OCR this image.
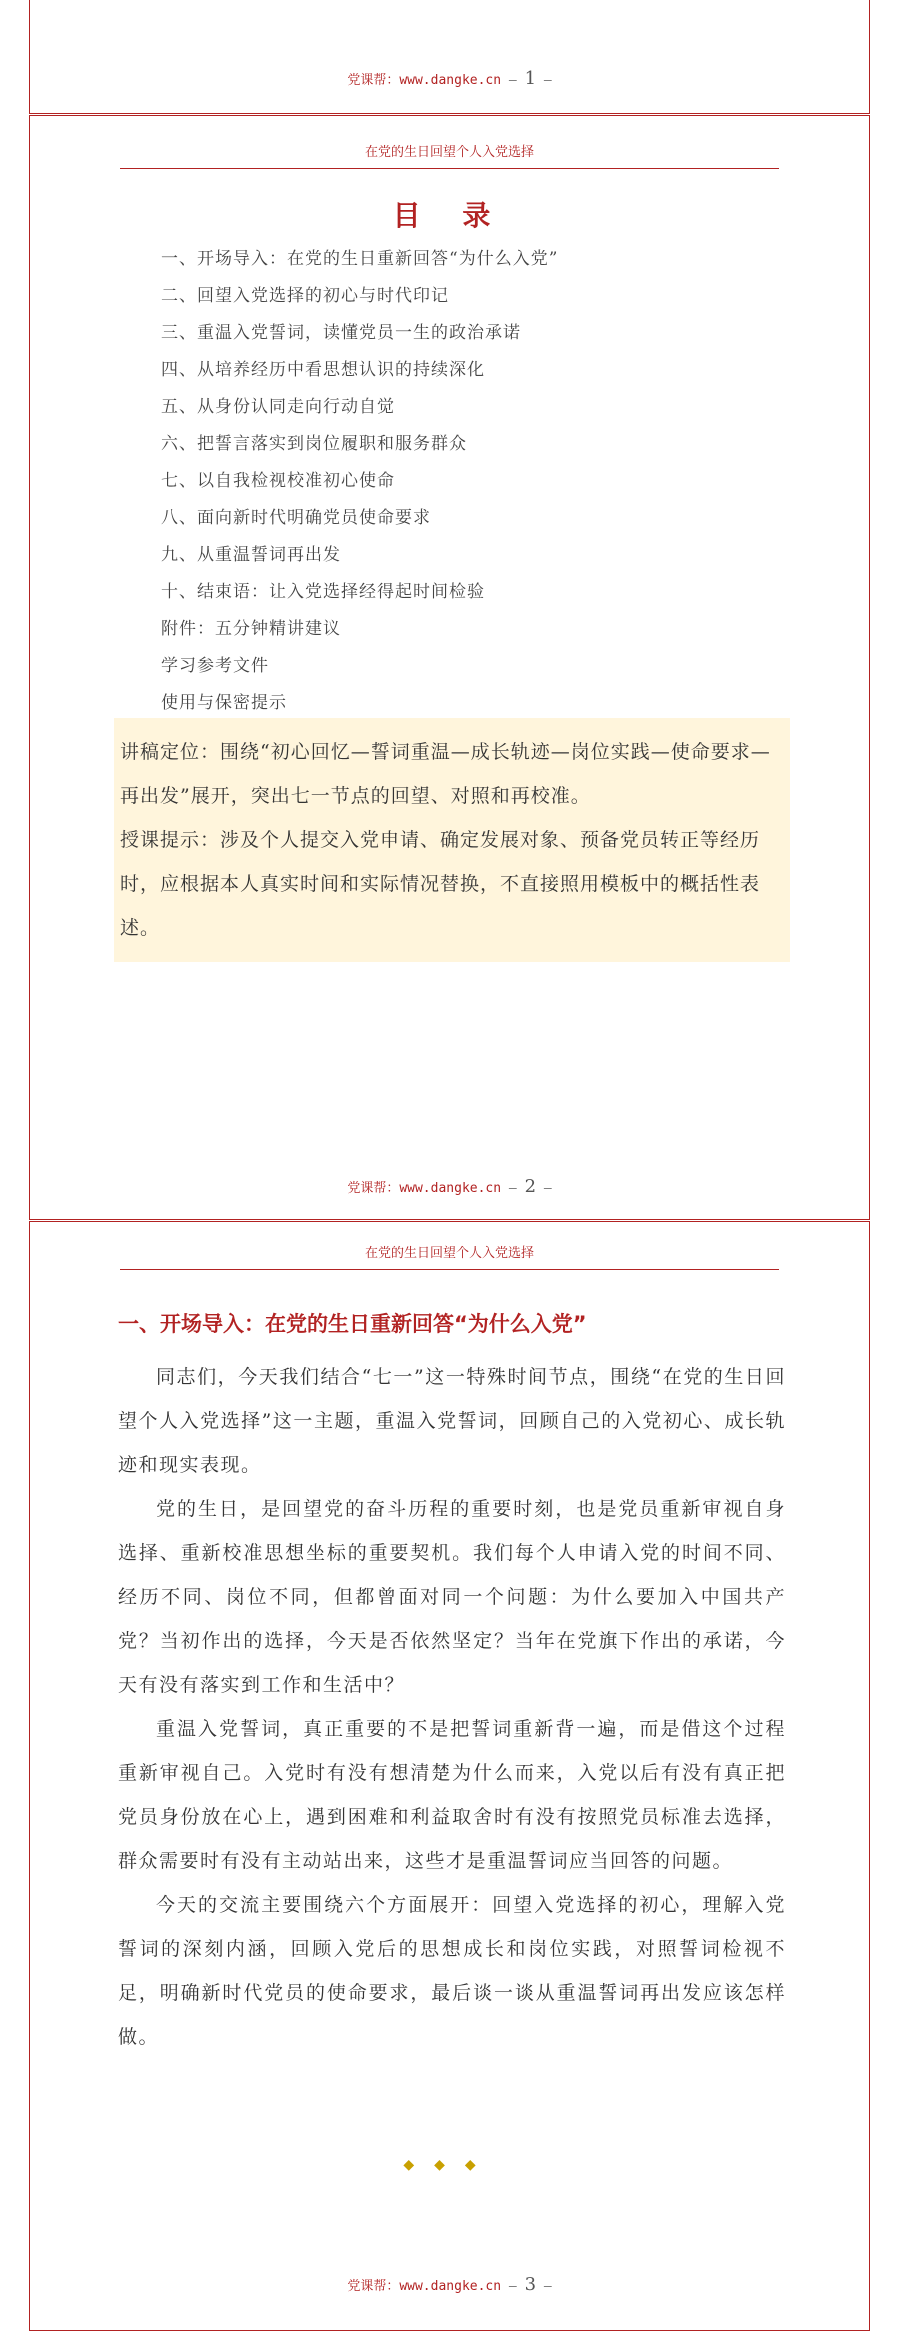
党课帮：www.dangke.cn — 1 —
在党的生日回望个人入党选择
目 录
一、开场导入：在党的生日重新回答“为什么入党”
二、回望入党选择的初心与时代印记
三、重温入党誓词，读懂党员一生的政治承诺
四、从培养经历中看思想认识的持续深化
五、从身份认同走向行动自觉
六、把誓言落实到岗位履职和服务群众
七、以自我检视校准初心使命
八、面向新时代明确党员使命要求
九、从重温誓词再出发
十、结束语：让入党选择经得起时间检验
附件：五分钟精讲建议
学习参考文件
使用与保密提示

讲稿定位：围绕“初心回忆—誓词重温—成长轨迹—岗位实践—使命要求—再出发”展开，突出七一节点的回望、对照和再校准。

授课提示：涉及个人提交入党申请、确定发展对象、预备党员转正等经历时，应根据本人真实时间和实际情况替换，不直接照用模板中的概括性表述。

党课帮：www.dangke.cn — 2 —
在党的生日回望个人入党选择
一、开场导入：在党的生日重新回答“为什么入党”

同志们，今天我们结合“七一”这一特殊时间节点，围绕“在党的生日回望个人入党选择”这一主题，重温入党誓词，回顾自己的入党初心、成长轨迹和现实表现。

党的生日，是回望党的奋斗历程的重要时刻，也是党员重新审视自身选择、重新校准思想坐标的重要契机。我们每个人申请入党的时间不同、经历不同、岗位不同，但都曾面对同一个问题：为什么要加入中国共产党？当初作出的选择，今天是否依然坚定？当年在党旗下作出的承诺，今天有没有落实到工作和生活中？

重温入党誓词，真正重要的不是把誓词重新背一遍，而是借这个过程重新审视自己。入党时有没有想清楚为什么而来，入党以后有没有真正把党员身份放在心上，遇到困难和利益取舍时有没有按照党员标准去选择，群众需要时有没有主动站出来，这些才是重温誓词应当回答的问题。

今天的交流主要围绕六个方面展开：回望入党选择的初心，理解入党誓词的深刻内涵，回顾入党后的思想成长和岗位实践，对照誓词检视不足，明确新时代党员的使命要求，最后谈一谈从重温誓词再出发应该怎样做。

◆◆◆
党课帮：www.dangke.cn — 3 —
